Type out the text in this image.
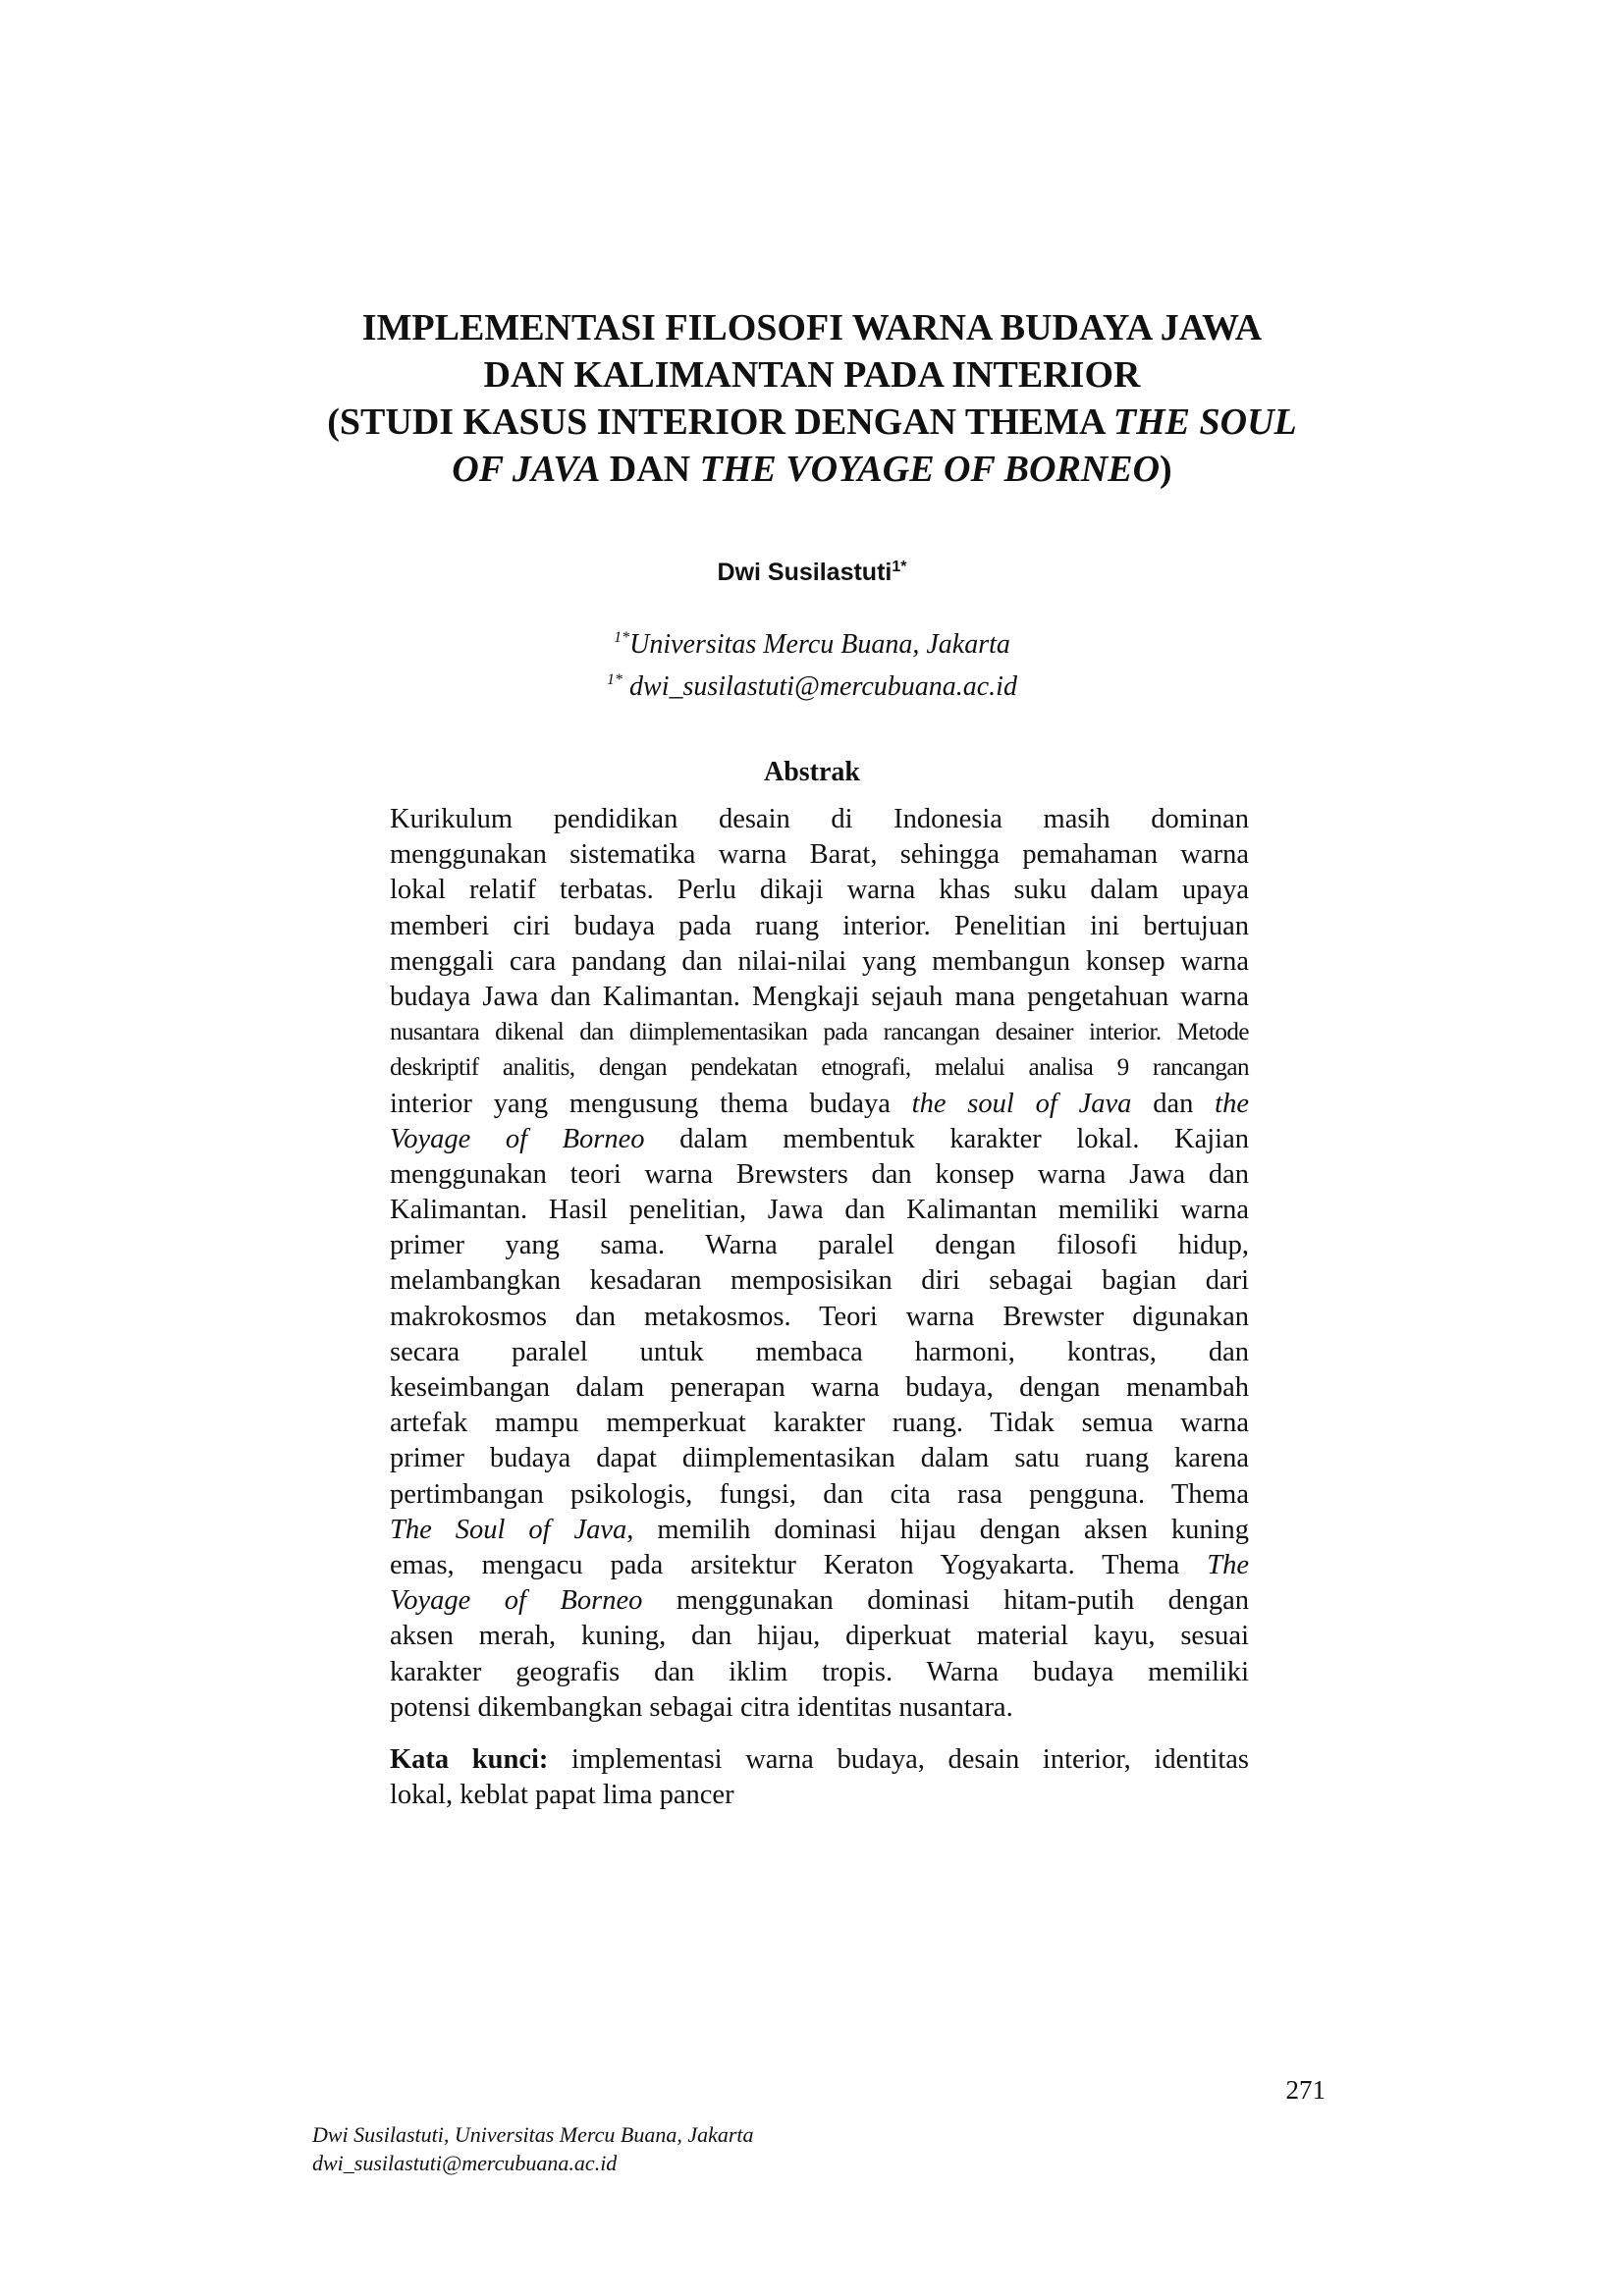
IMPLEMENTASI FILOSOFI WARNA BUDAYA JAWA
DAN KALIMANTAN PADA INTERIOR
(STUDI KASUS INTERIOR DENGAN THEMA THE SOUL
OF JAVA DAN THE VOYAGE OF BORNEO)
Dwi Susilastuti$^{1*}$
$^{1*}$Universitas Mercu Buana, Jakarta
$^{1*}$ dwi_susilastuti@mercubuana.ac.id
Abstrak
Kurikulum pendidikan desain di Indonesia masih dominan
menggunakan sistematika warna Barat, sehingga pemahaman warna
lokal relatif terbatas. Perlu dikaji warna khas suku dalam upaya
memberi ciri budaya pada ruang interior. Penelitian ini bertujuan
menggali cara pandang dan nilai-nilai yang membangun konsep warna
budaya Jawa dan Kalimantan. Mengkaji sejauh mana pengetahuan warna
nusantara dikenal dan diimplementasikan pada rancangan desainer interior. Metode
deskriptif analitis, dengan pendekatan etnografi, melalui analisa 9 rancangan
interior yang mengusung thema budaya the soul of Java dan the
Voyage of Borneo dalam membentuk karakter lokal. Kajian
menggunakan teori warna Brewsters dan konsep warna Jawa dan
Kalimantan. Hasil penelitian, Jawa dan Kalimantan memiliki warna
primer yang sama. Warna paralel dengan filosofi hidup,
melambangkan kesadaran memposisikan diri sebagai bagian dari
makrokosmos dan metakosmos. Teori warna Brewster digunakan
secara paralel untuk membaca harmoni, kontras, dan
keseimbangan dalam penerapan warna budaya, dengan menambah
artefak mampu memperkuat karakter ruang. Tidak semua warna
primer budaya dapat diimplementasikan dalam satu ruang karena
pertimbangan psikologis, fungsi, dan cita rasa pengguna. Thema
The Soul of Java, memilih dominasi hijau dengan aksen kuning
emas, mengacu pada arsitektur Keraton Yogyakarta. Thema The
Voyage of Borneo menggunakan dominasi hitam-putih dengan
aksen merah, kuning, dan hijau, diperkuat material kayu, sesuai
karakter geografis dan iklim tropis. Warna budaya memiliki
potensi dikembangkan sebagai citra identitas nusantara.
Kata kunci: implementasi warna budaya, desain interior, identitas
lokal, keblat papat lima pancer
271
Dwi Susilastuti, Universitas Mercu Buana, Jakarta
dwi_susilastuti@mercubuana.ac.id
